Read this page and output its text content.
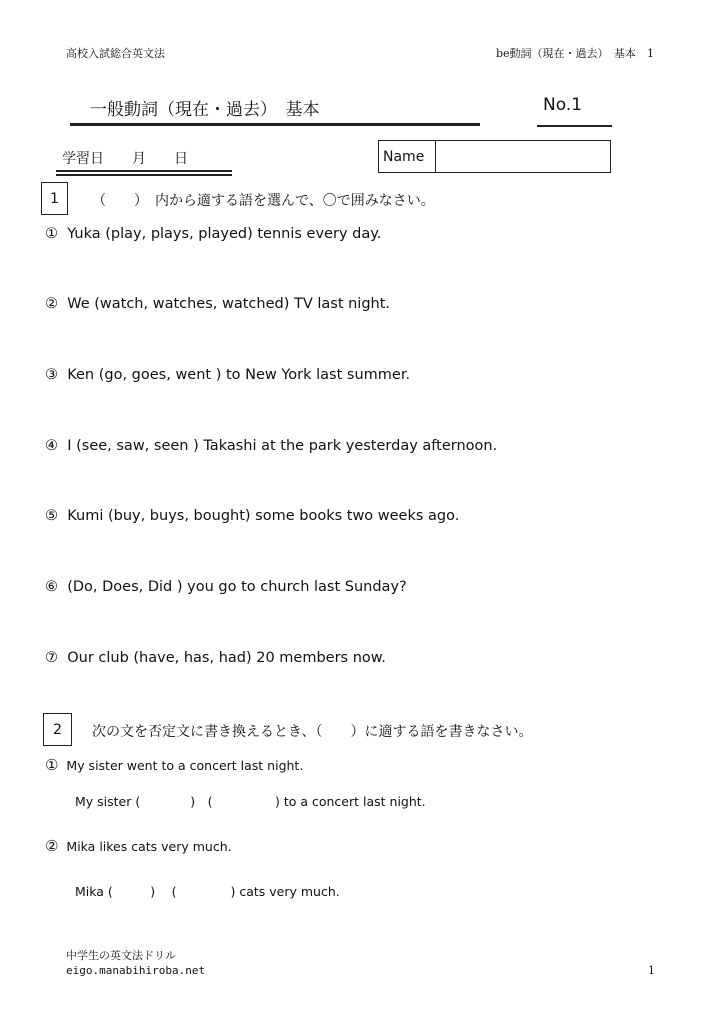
高校入試総合英文法	be動詞（現在・過去）　基本　1
一般動詞（現在・過去）　基本	No.1
学習日　　月　　日	Name
1	（　　）　内から適する語を選んで、〇で囲みなさい。
① Yuka (play, plays, played) tennis every day.
② We (watch, watches, watched) TV last night.
③ Ken (go, goes, went ) to New York last summer.
④ I (see, saw, seen ) Takashi at the park yesterday afternoon.
⑤ Kumi (buy, buys, bought) some books two weeks ago.
⑥ (Do, Does, Did ) you go to church last Sunday?
⑦ Our club (have, has, had) 20 members now.
2	次の文を否定文に書き換えるとき、（　　）に適する語を書きなさい。
① My sister went to a concert last night.
My sister (　　　　)　(　　　　　) to a concert last night.
② Mika likes cats very much.
Mika (　　　)　 (　　　　 ) cats very much.
中学生の英文法ドリル
eigo.manabihiroba.net	1
